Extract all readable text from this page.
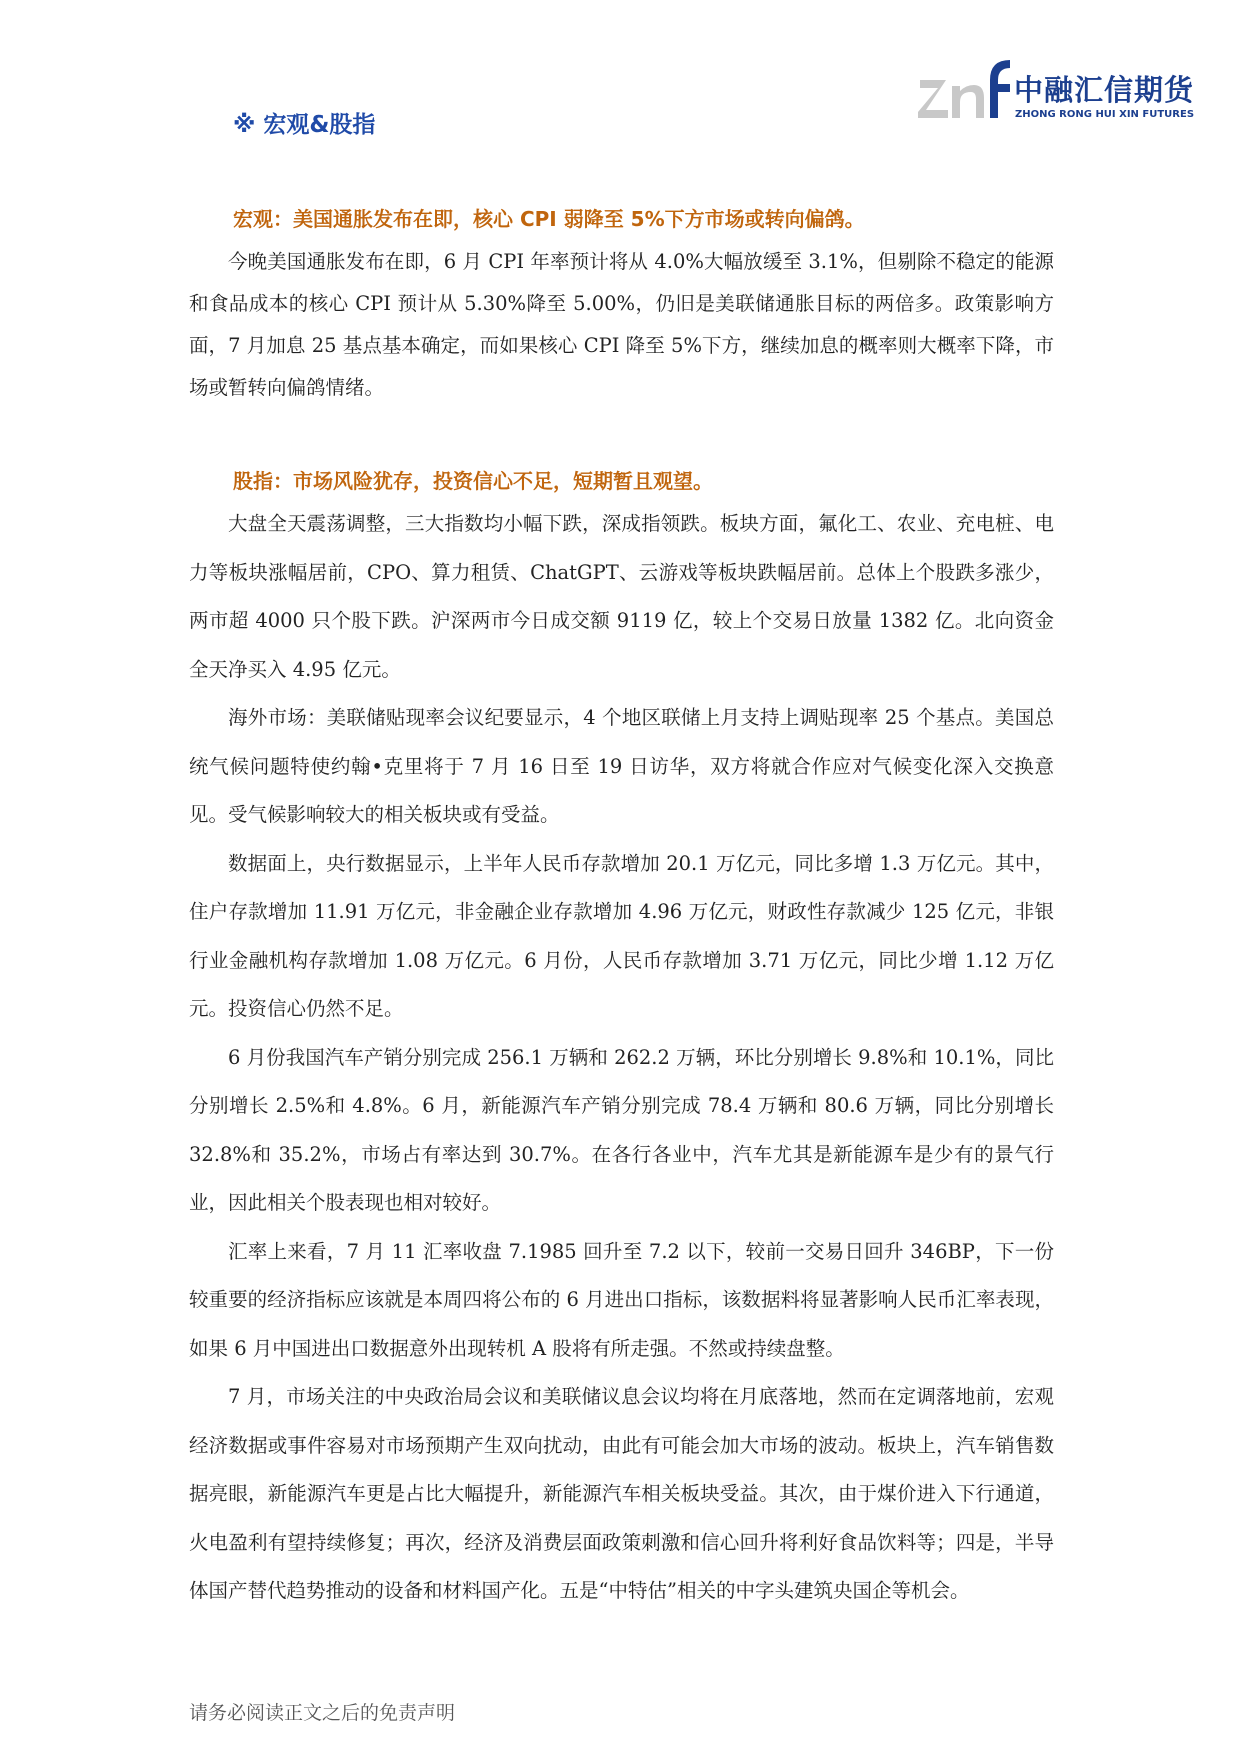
中融汇信期货
ZHONG RONG HUI XIN FUTURES
※ 宏观&股指
宏观：美国通胀发布在即，核心 CPI 弱降至 5%下方市场或转向偏鸽。

今晚美国通胀发布在即，6 月 CPI 年率预计将从 4.0%大幅放缓至 3.1%，但剔除不稳定的能源和食品成本的核心 CPI 预计从 5.30%降至 5.00%，仍旧是美联储通胀目标的两倍多。政策影响方面，7 月加息 25 基点基本确定，而如果核心 CPI 降至 5%下方，继续加息的概率则大概率下降，市场或暂转向偏鸽情绪。

股指：市场风险犹存，投资信心不足，短期暂且观望。

大盘全天震荡调整，三大指数均小幅下跌，深成指领跌。板块方面，氟化工、农业、充电桩、电力等板块涨幅居前，CPO、算力租赁、ChatGPT、云游戏等板块跌幅居前。总体上个股跌多涨少，两市超 4000 只个股下跌。沪深两市今日成交额 9119 亿，较上个交易日放量 1382 亿。北向资金全天净买入 4.95 亿元。

海外市场：美联储贴现率会议纪要显示，4 个地区联储上月支持上调贴现率 25 个基点。美国总统气候问题特使约翰•克里将于 7 月 16 日至 19 日访华，双方将就合作应对气候变化深入交换意见。受气候影响较大的相关板块或有受益。

数据面上，央行数据显示，上半年人民币存款增加 20.1 万亿元，同比多增 1.3 万亿元。其中，住户存款增加 11.91 万亿元，非金融企业存款增加 4.96 万亿元，财政性存款减少 125 亿元，非银行业金融机构存款增加 1.08 万亿元。6 月份，人民币存款增加 3.71 万亿元，同比少增 1.12 万亿元。投资信心仍然不足。

6 月份我国汽车产销分别完成 256.1 万辆和 262.2 万辆，环比分别增长 9.8%和 10.1%，同比分别增长 2.5%和 4.8%。6 月，新能源汽车产销分别完成 78.4 万辆和 80.6 万辆，同比分别增长 32.8%和 35.2%，市场占有率达到 30.7%。在各行各业中，汽车尤其是新能源车是少有的景气行业，因此相关个股表现也相对较好。

汇率上来看，7 月 11 汇率收盘 7.1985 回升至 7.2 以下，较前一交易日回升 346BP，下一份较重要的经济指标应该就是本周四将公布的 6 月进出口指标，该数据料将显著影响人民币汇率表现，如果 6 月中国进出口数据意外出现转机 A 股将有所走强。不然或持续盘整。

7 月，市场关注的中央政治局会议和美联储议息会议均将在月底落地，然而在定调落地前，宏观经济数据或事件容易对市场预期产生双向扰动，由此有可能会加大市场的波动。板块上，汽车销售数据亮眼，新能源汽车更是占比大幅提升，新能源汽车相关板块受益。其次，由于煤价进入下行通道，火电盈利有望持续修复；再次，经济及消费层面政策刺激和信心回升将利好食品饮料等；四是，半导体国产替代趋势推动的设备和材料国产化。五是“中特估”相关的中字头建筑央国企等机会。

请务必阅读正文之后的免责声明
